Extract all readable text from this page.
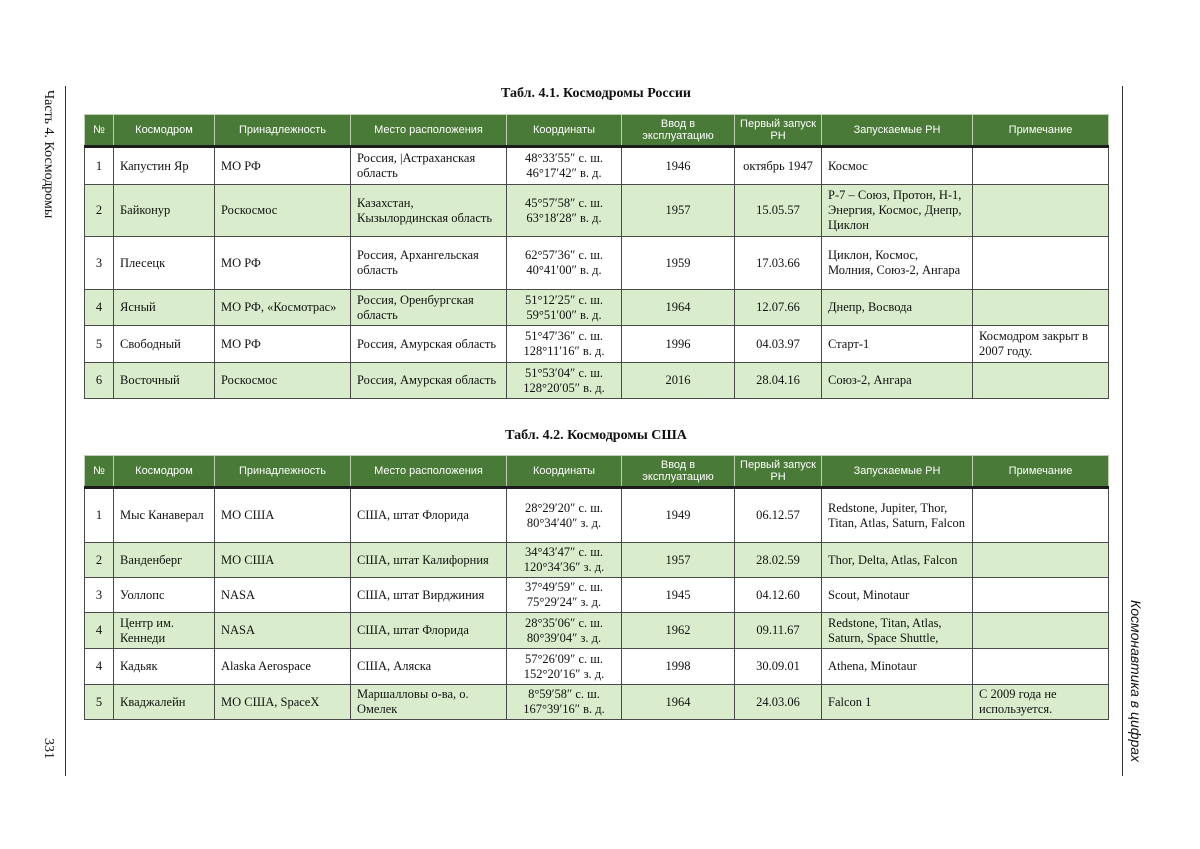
Часть 4. Космодромы
331	Космонавтика в цифрах
Табл. 4.1. Космодромы России
№	Космодром	Принадлежность	Место расположения	Координаты	Ввод в эксплуатацию	Первый запуск РН	Запускаемые РН	Примечание
1	Капустин Яр	МО РФ	Россия, |Астраханская область	48°33′55″ с. ш. 46°17′42″ в. д.	1946	октябрь 1947	Космос	
2	Байконур	Роскосмос	Казахстан, Кызылординская область	45°57′58″ с. ш. 63°18′28″ в. д.	1957	15.05.57	Р-7 – Союз, Протон, Н-1, Энергия, Космос, Днепр, Циклон	
3	Плесецк	МО РФ	Россия, Архангельская область	62°57′36″ с. ш. 40°41′00″ в. д.	1959	17.03.66	Циклон, Космос, Молния, Союз-2, Ангара	
4	Ясный	МО РФ, «Космотрас»	Россия, Оренбургская область	51°12′25″ с. ш. 59°51′00″ в. д.	1964	12.07.66	Днепр, Восвода	
5	Свободный	МО РФ	Россия, Амурская область	51°47′36″ с. ш. 128°11′16″ в. д.	1996	04.03.97	Старт-1	Космодром закрыт в 2007 году.
6	Восточный	Роскосмос	Россия, Амурская область	51°53′04″ с. ш. 128°20′05″ в. д.	2016	28.04.16	Союз-2, Ангара	
Табл. 4.2. Космодромы США
№	Космодром	Принадлежность	Место расположения	Координаты	Ввод в эксплуатацию	Первый запуск РН	Запускаемые РН	Примечание
1	Мыс Канаверал	МО США	США, штат Флорида	28°29′20″ с. ш. 80°34′40″ з. д.	1949	06.12.57	Redstone, Jupiter, Thor, Titan, Atlas, Saturn, Falcon	
2	Ванденберг	МО США	США, штат Калифорния	34°43′47″ с. ш. 120°34′36″ з. д.	1957	28.02.59	Thor, Delta, Atlas, Falcon	
3	Уоллопс	NASA	США, штат Вирджиния	37°49′59″ с. ш. 75°29′24″ з. д.	1945	04.12.60	Scout, Minotaur	
4	Центр им. Кеннеди	NASA	США, штат Флорида	28°35′06″ с. ш. 80°39′04″ з. д.	1962	09.11.67	Redstone, Titan, Atlas, Saturn, Space Shuttle,	
4	Кадьяк	Alaska Aerospace	США, Аляска	57°26′09″ с. ш. 152°20′16″ з. д.	1998	30.09.01	Athena, Minotaur	
5	Кваджалейн	МО США, SpaceX	Маршалловы о-ва, о. Омелек	8°59′58″ с. ш. 167°39′16″ в. д.	1964	24.03.06	Falcon 1	С 2009 года не используется.
